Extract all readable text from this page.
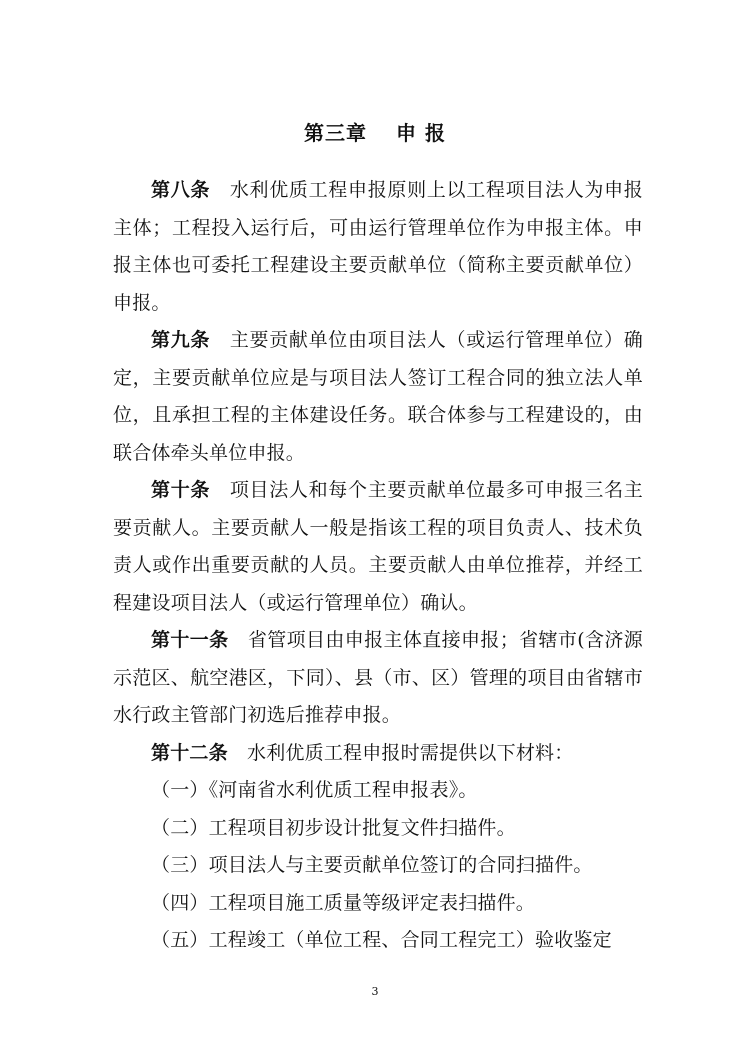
第三章　 申 报

第八条　 水利优质工程申报原则上以工程项目法人为申报主体；工程投入运行后，可由运行管理单位作为申报主体。申报主体也可委托工程建设主要贡献单位（简称主要贡献单位）申报。

第九条　 主要贡献单位由项目法人（或运行管理单位）确定，主要贡献单位应是与项目法人签订工程合同的独立法人单位，且承担工程的主体建设任务。联合体参与工程建设的，由联合体牵头单位申报。

第十条　 项目法人和每个主要贡献单位最多可申报三名主要贡献人。主要贡献人一般是指该工程的项目负责人、技术负责人或作出重要贡献的人员。主要贡献人由单位推荐，并经工程建设项目法人（或运行管理单位）确认。

第十一条　 省管项目由申报主体直接申报；省辖市(含济源示范区、航空港区，下同）、县（市、区）管理的项目由省辖市水行政主管部门初选后推荐申报。

第十二条　 水利优质工程申报时需提供以下材料：

（一）《河南省水利优质工程申报表》。

（二）工程项目初步设计批复文件扫描件。

（三）项目法人与主要贡献单位签订的合同扫描件。

（四）工程项目施工质量等级评定表扫描件。

（五）工程竣工（单位工程、合同工程完工）验收鉴定

3
